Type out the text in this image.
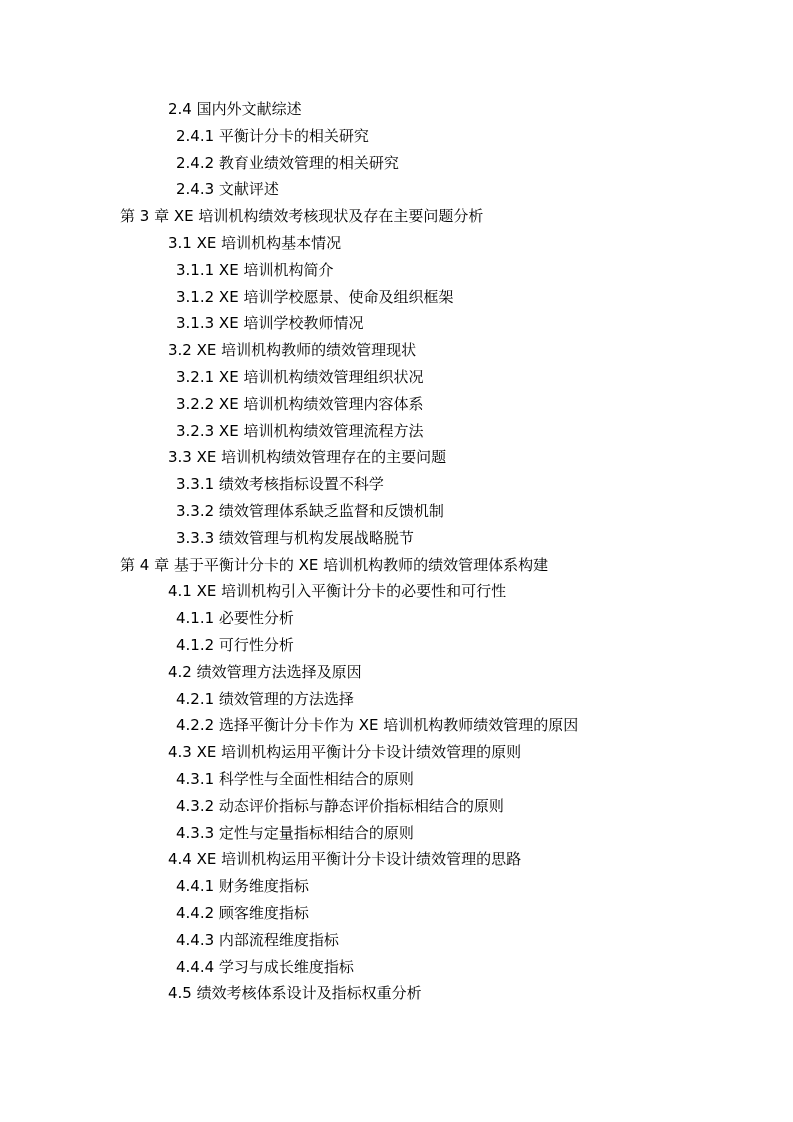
2.4 国内外文献综述
2.4.1 平衡计分卡的相关研究
2.4.2 教育业绩效管理的相关研究
2.4.3 文献评述
第 3 章 XE 培训机构绩效考核现状及存在主要问题分析
3.1 XE 培训机构基本情况
3.1.1 XE 培训机构简介
3.1.2 XE 培训学校愿景、使命及组织框架
3.1.3 XE 培训学校教师情况
3.2 XE 培训机构教师的绩效管理现状
3.2.1 XE 培训机构绩效管理组织状况
3.2.2 XE 培训机构绩效管理内容体系
3.2.3 XE 培训机构绩效管理流程方法
3.3 XE 培训机构绩效管理存在的主要问题
3.3.1 绩效考核指标设置不科学
3.3.2 绩效管理体系缺乏监督和反馈机制
3.3.3 绩效管理与机构发展战略脱节
第 4 章 基于平衡计分卡的 XE 培训机构教师的绩效管理体系构建
4.1 XE 培训机构引入平衡计分卡的必要性和可行性
4.1.1 必要性分析
4.1.2 可行性分析
4.2 绩效管理方法选择及原因
4.2.1 绩效管理的方法选择
4.2.2 选择平衡计分卡作为 XE 培训机构教师绩效管理的原因
4.3 XE 培训机构运用平衡计分卡设计绩效管理的原则
4.3.1 科学性与全面性相结合的原则
4.3.2 动态评价指标与静态评价指标相结合的原则
4.3.3 定性与定量指标相结合的原则
4.4 XE 培训机构运用平衡计分卡设计绩效管理的思路
4.4.1 财务维度指标
4.4.2 顾客维度指标
4.4.3 内部流程维度指标
4.4.4 学习与成长维度指标
4.5 绩效考核体系设计及指标权重分析
